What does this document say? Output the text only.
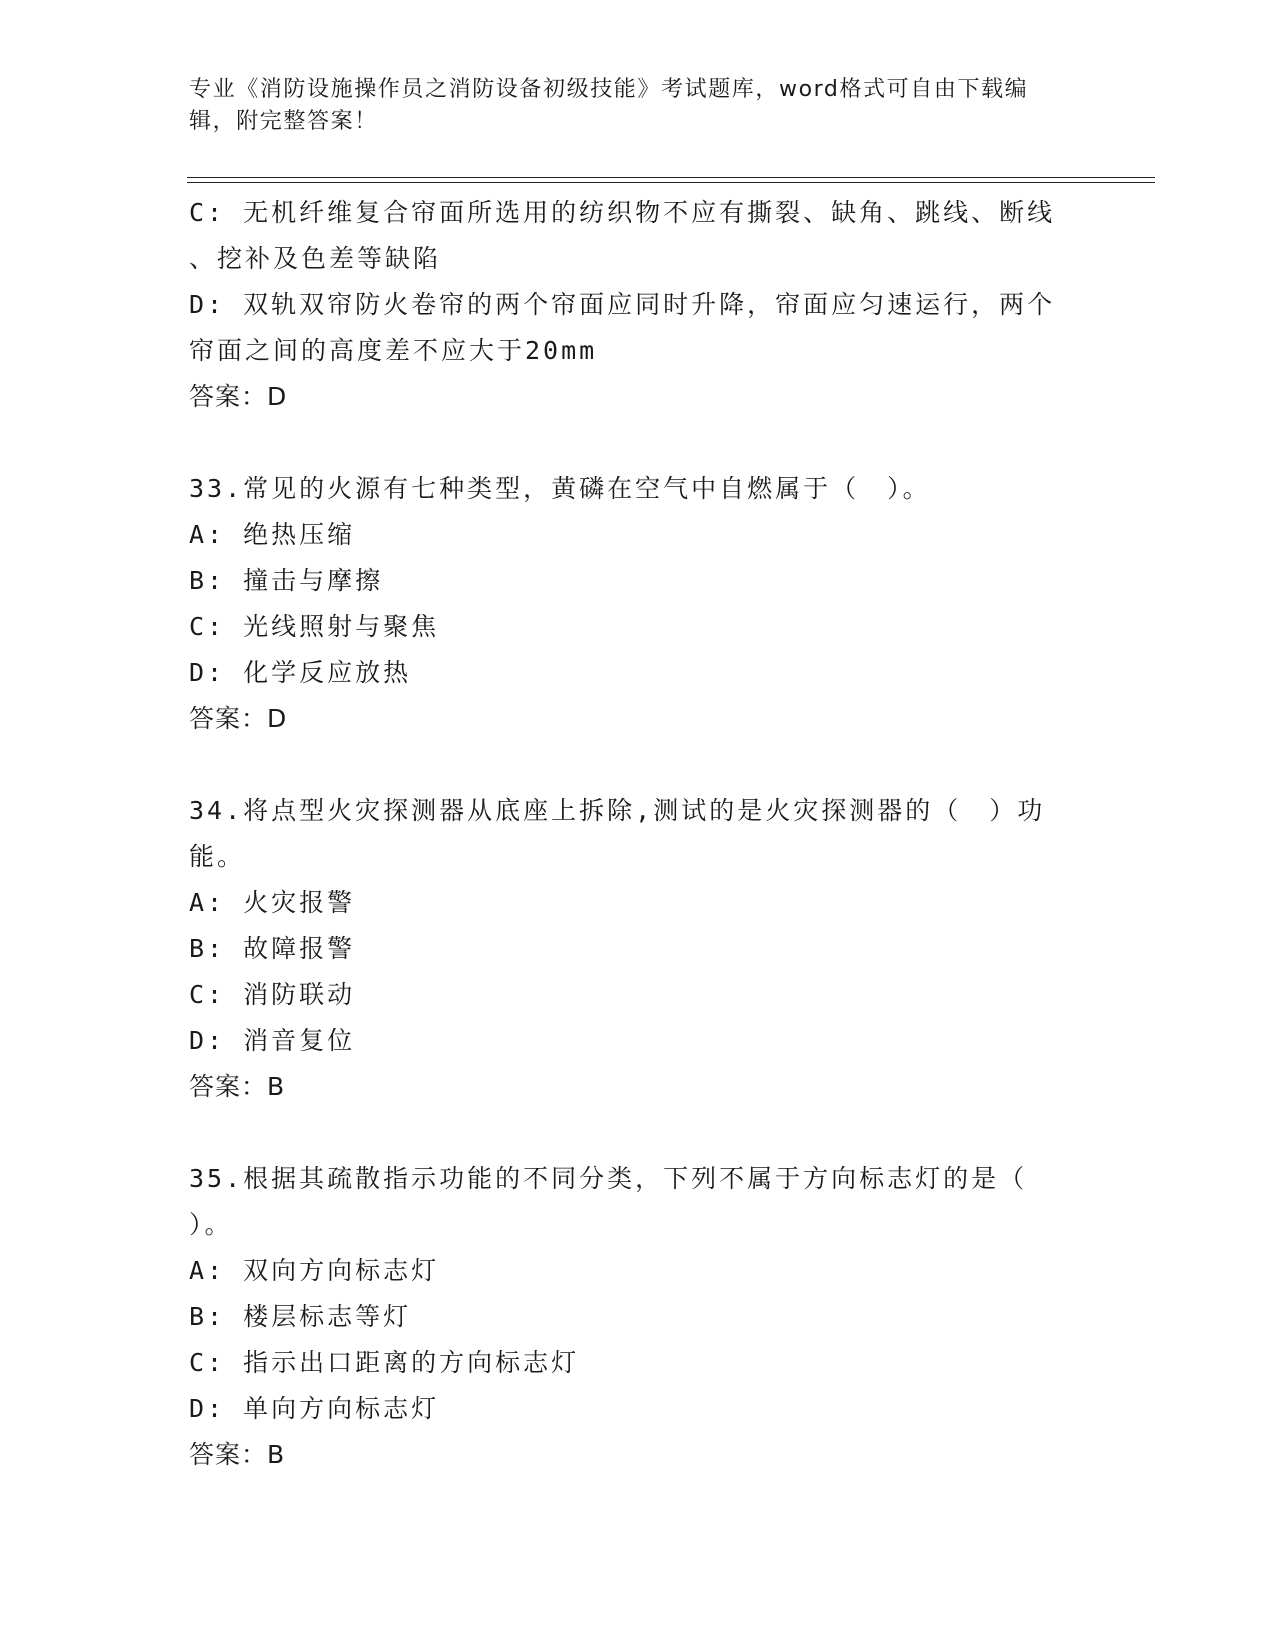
专业《消防设施操作员之消防设备初级技能》考试题库，word格式可自由下载编
辑，附完整答案！
C: 无机纤维复合帘面所选用的纺织物不应有撕裂、缺角、跳线、断线
、挖补及色差等缺陷
D: 双轨双帘防火卷帘的两个帘面应同时升降，帘面应匀速运行，两个
帘面之间的高度差不应大于20mm
答案：D
33.常见的火源有七种类型，黄磷在空气中自燃属于（　）。
A: 绝热压缩
B: 撞击与摩擦
C: 光线照射与聚焦
D: 化学反应放热
答案：D
34.将点型火灾探测器从底座上拆除,测试的是火灾探测器的（　）功
能。
A: 火灾报警
B: 故障报警
C: 消防联动
D: 消音复位
答案：B
35.根据其疏散指示功能的不同分类，下列不属于方向标志灯的是（
）。
A: 双向方向标志灯
B: 楼层标志等灯
C: 指示出口距离的方向标志灯
D: 单向方向标志灯
答案：B
